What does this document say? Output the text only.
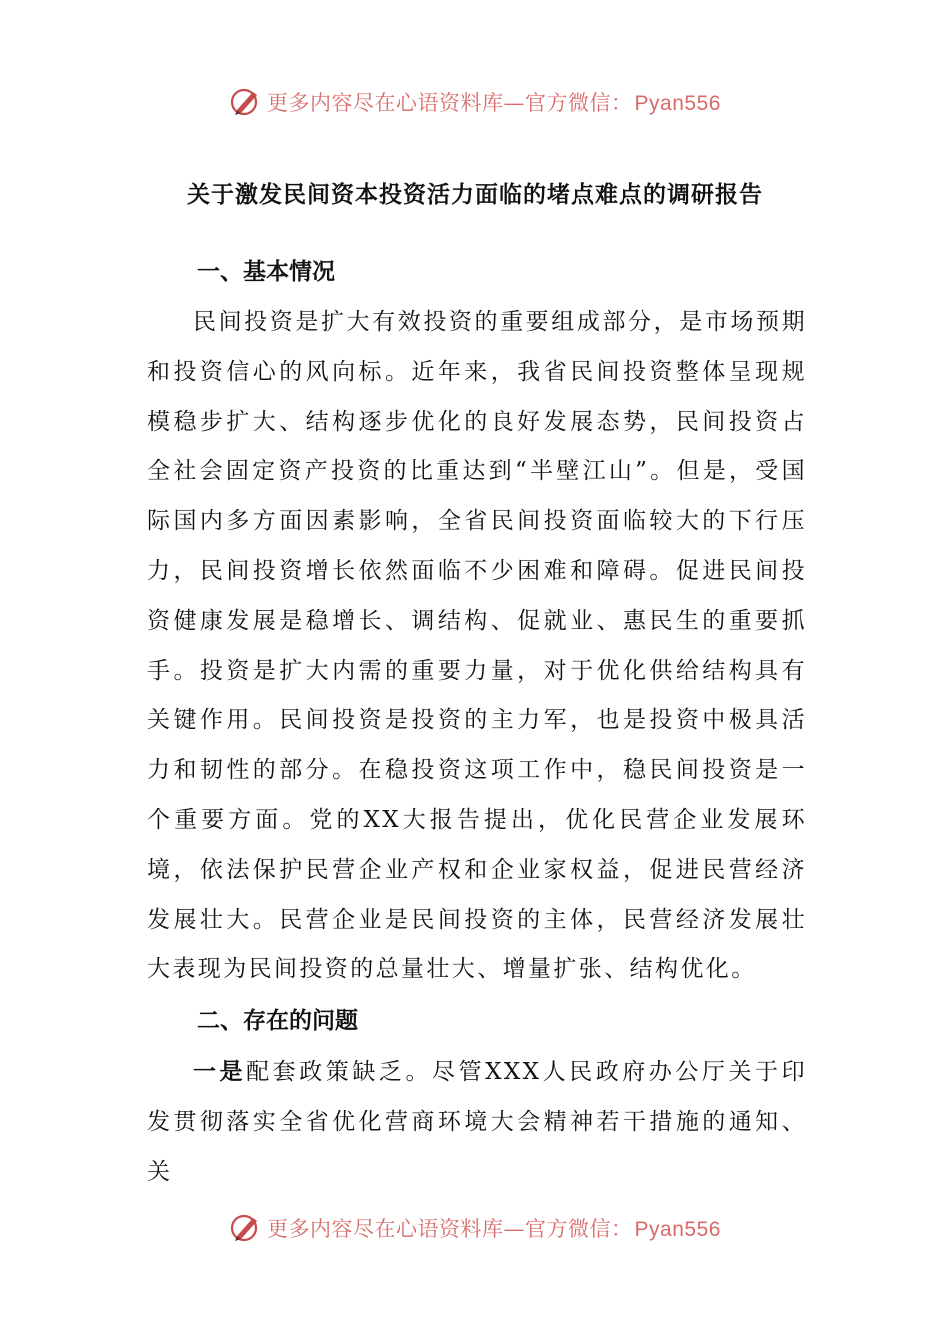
更多内容尽在心语资料库—官方微信：Pyan556
关于激发民间资本投资活力面临的堵点难点的调研报告
一、基本情况

民间投资是扩大有效投资的重要组成部分，是市场预期和投资信心的风向标。近年来，我省民间投资整体呈现规模稳步扩大、结构逐步优化的良好发展态势，民间投资占全社会固定资产投资的比重达到“半壁江山”。但是，受国际国内多方面因素影响，全省民间投资面临较大的下行压力，民间投资增长依然面临不少困难和障碍。促进民间投资健康发展是稳增长、调结构、促就业、惠民生的重要抓手。投资是扩大内需的重要力量，对于优化供给结构具有关键作用。民间投资是投资的主力军，也是投资中极具活力和韧性的部分。在稳投资这项工作中，稳民间投资是一个重要方面。党的XX大报告提出，优化民营企业发展环境，依法保护民营企业产权和企业家权益，促进民营经济发展壮大。民营企业是民间投资的主体，民营经济发展壮大表现为民间投资的总量壮大、增量扩张、结构优化。

二、存在的问题

一是配套政策缺乏。尽管XXX人民政府办公厅关于印发贯彻落实全省优化营商环境大会精神若干措施的通知、关

更多内容尽在心语资料库—官方微信：Pyan556
